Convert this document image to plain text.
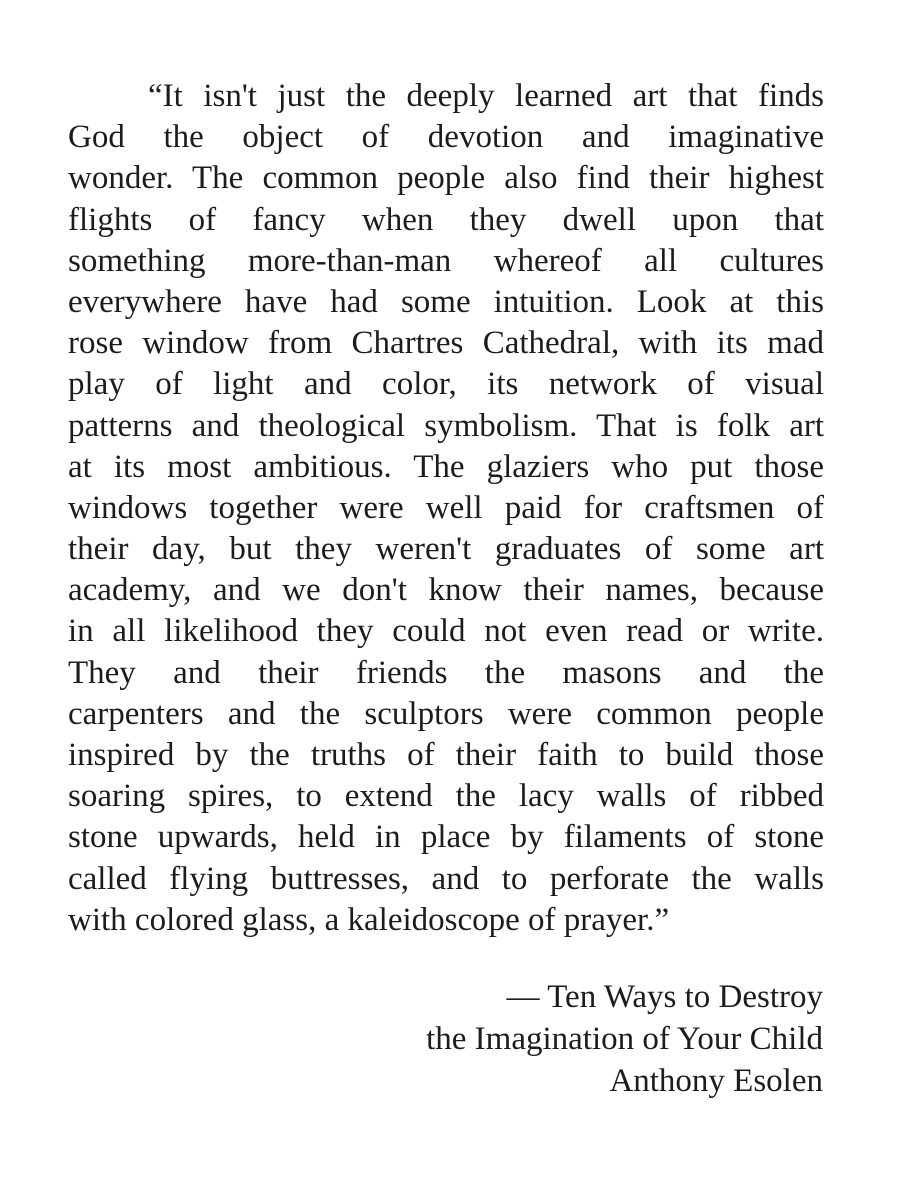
“It isn't just the deeply learned art that finds
God the object of devotion and imaginative
wonder. The common people also find their highest
flights of fancy when they dwell upon that
something more-than-man whereof all cultures
everywhere have had some intuition. Look at this
rose window from Chartres Cathedral, with its mad
play of light and color, its network of visual
patterns and theological symbolism. That is folk art
at its most ambitious. The glaziers who put those
windows together were well paid for craftsmen of
their day, but they weren't graduates of some art
academy, and we don't know their names, because
in all likelihood they could not even read or write.
They and their friends the masons and the
carpenters and the sculptors were common people
inspired by the truths of their faith to build those
soaring spires, to extend the lacy walls of ribbed
stone upwards, held in place by filaments of stone
called flying buttresses, and to perforate the walls
with colored glass, a kaleidoscope of prayer.”
— Ten Ways to Destroy
the Imagination of Your Child
Anthony Esolen
